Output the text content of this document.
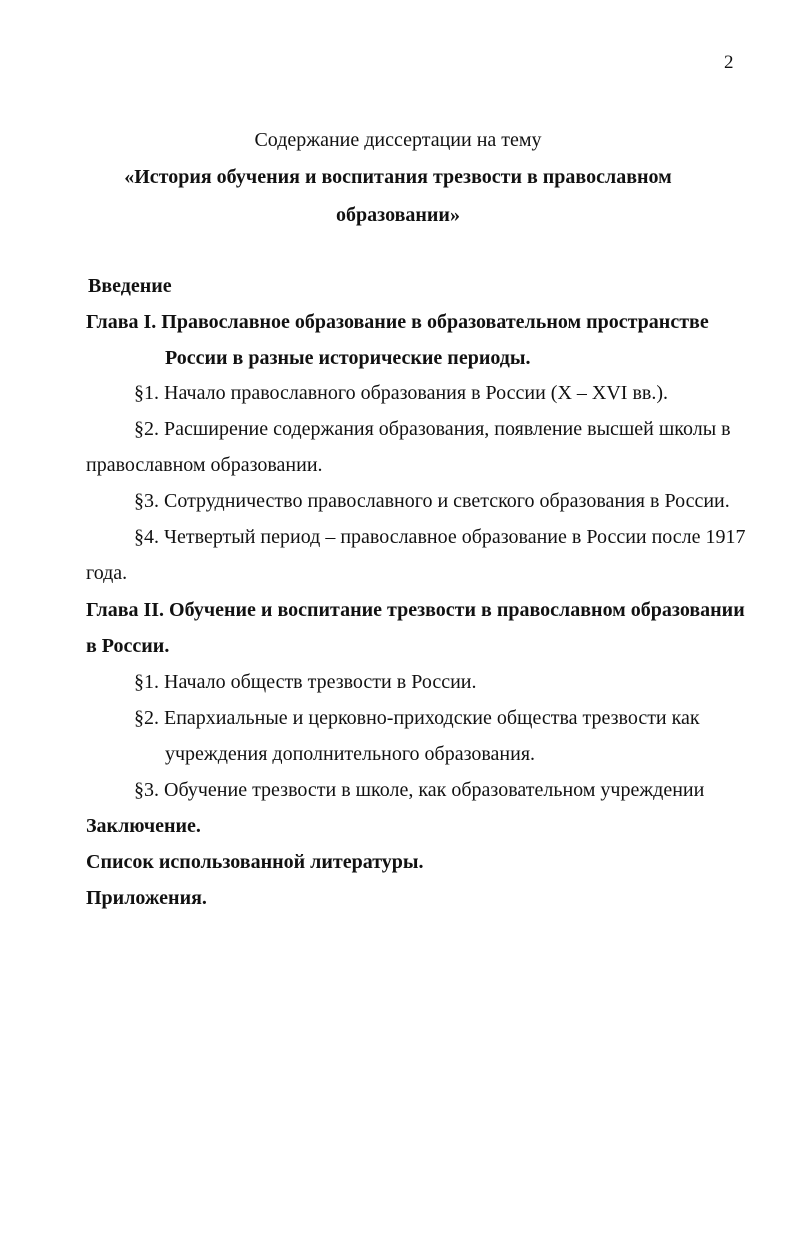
2
Содержание диссертации на тему
«История обучения и воспитания трезвости в православном
образовании»
Введение
Глава I. Православное образование в образовательном пространстве
России в разные исторические периоды.
§1. Начало православного образования в России (X – XVI вв.).
§2. Расширение содержания образования, появление высшей школы в
православном образовании.
§3. Сотрудничество православного и светского образования в России.
§4. Четвертый период – православное образование в России после 1917
года.
Глава II. Обучение и воспитание трезвости в православном образовании
в России.
§1. Начало обществ трезвости в России.
§2. Епархиальные и церковно-приходские общества трезвости как
учреждения дополнительного образования.
§3. Обучение трезвости в школе, как образовательном учреждении
Заключение.
Список использованной литературы.
Приложения.
